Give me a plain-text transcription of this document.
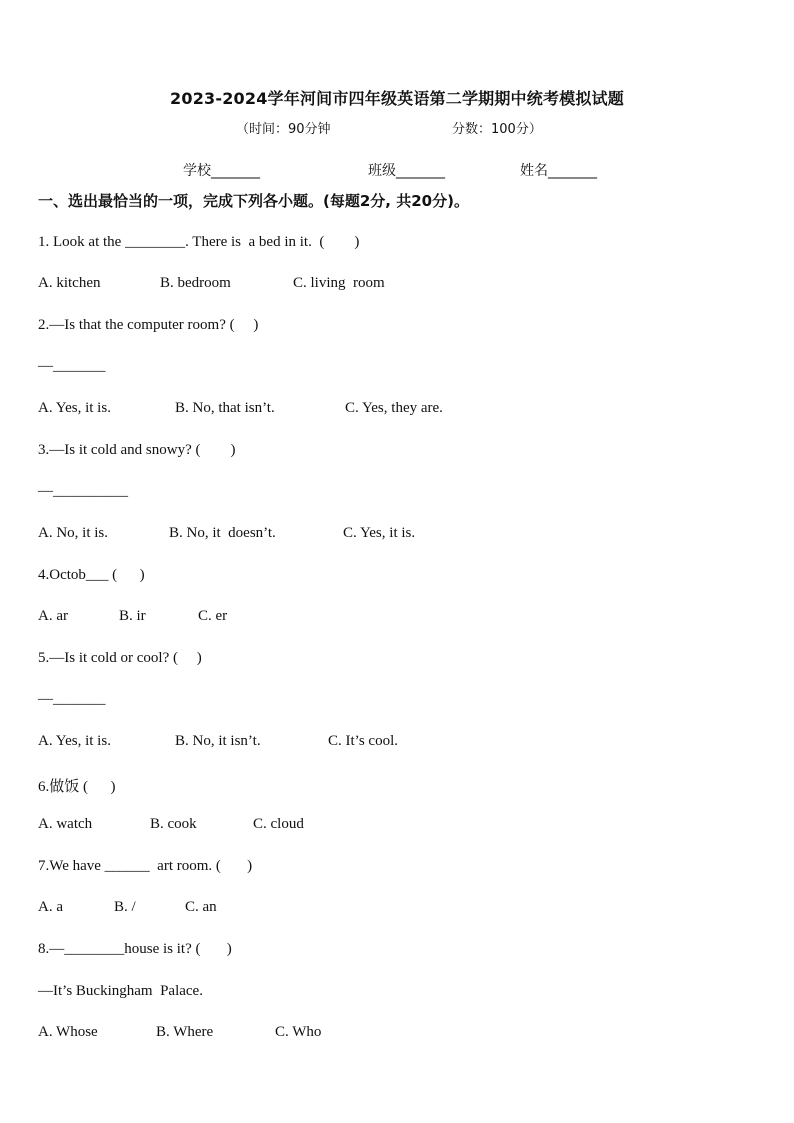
2023-2024学年河间市四年级英语第二学期期中统考模拟试题
（时间：90分钟	分数：100分）
学校_______	班级_______	姓名_______
一、选出最恰当的一项，完成下列各小题。(每题2分, 共20分)。
1. Look at the ________. There is  a bed in it.  (        )
A. kitchen	B. bedroom	C. living  room
2.—Is that the computer room? (     )
—_______
A. Yes, it is.	B. No, that isn’t.	C. Yes, they are.
3.—Is it cold and snowy? (        )
—__________
A. No, it is.	B. No, it  doesn’t.	C. Yes, it is.
4.Octob___ (      )
A. ar	B. ir	C. er
5.—Is it cold or cool? (     )
—_______
A. Yes, it is.	B. No, it isn’t.	C. It’s cool.
6.做饭 (      )
A. watch	B. cook	C. cloud
7.We have ______  art room. (       )
A. a	B. /	C. an
8.—________house is it? (       )
—It’s Buckingham  Palace.
A. Whose	B. Where	C. Who
